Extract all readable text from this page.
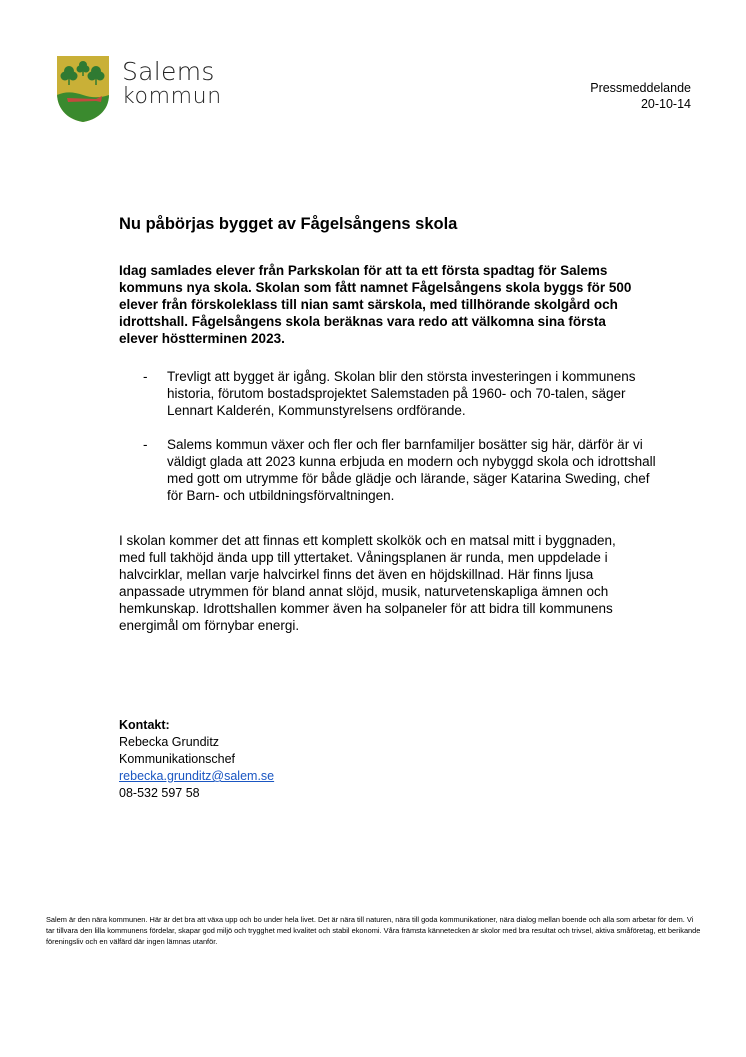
Salems
kommun	Pressmeddelande
20-10-14
Nu påbörjas bygget av Fågelsångens skola

Idag samlades elever från Parkskolan för att ta ett första spadtag för Salems kommuns nya skola. Skolan som fått namnet Fågelsångens skola byggs för 500 elever från förskoleklass till nian samt särskola, med tillhörande skolgård och idrottshall. Fågelsångens skola beräknas vara redo att välkomna sina första elever höstterminen 2023.

- Trevligt att bygget är igång. Skolan blir den största investeringen i kommunens historia, förutom bostadsprojektet Salemstaden på 1960- och 70-talen, säger Lennart Kalderén, Kommunstyrelsens ordförande.
- Salems kommun växer och fler och fler barnfamiljer bosätter sig här, därför är vi väldigt glada att 2023 kunna erbjuda en modern och nybyggd skola och idrottshall med gott om utrymme för både glädje och lärande, säger Katarina Sweding, chef för Barn- och utbildningsförvaltningen.

I skolan kommer det att finnas ett komplett skolkök och en matsal mitt i byggnaden, med full takhöjd ända upp till yttertaket. Våningsplanen är runda, men uppdelade i halvcirklar, mellan varje halvcirkel finns det även en höjdskillnad. Här finns ljusa anpassade utrymmen för bland annat slöjd, musik, naturvetenskapliga ämnen och hemkunskap. Idrottshallen kommer även ha solpaneler för att bidra till kommunens energimål om förnybar energi.

Kontakt:
Rebecka Grunditz
Kommunikationschef
rebecka.grunditz@salem.se
08-532 597 58

Salem är den nära kommunen. Här är det bra att växa upp och bo under hela livet. Det är nära till naturen, nära till goda kommunikationer, nära dialog mellan boende och alla som arbetar för dem. Vi tar tillvara den lilla kommunens fördelar, skapar god miljö och trygghet med kvalitet och stabil ekonomi. Våra främsta kännetecken är skolor med bra resultat och trivsel, aktiva småföretag, ett berikande föreningsliv och en välfärd där ingen lämnas utanför.
